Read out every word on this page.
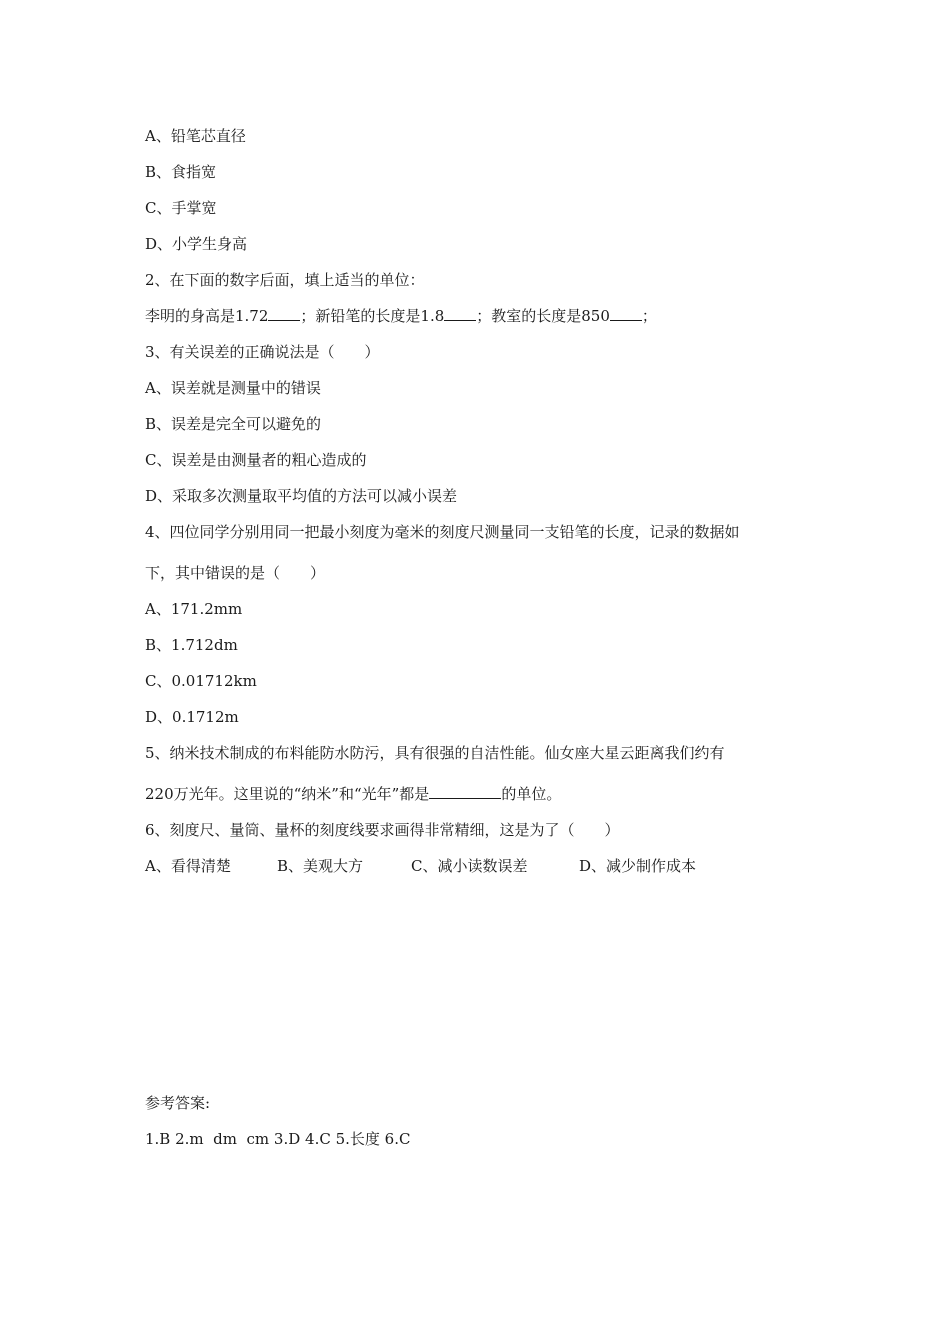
A、铅笔芯直径
B、食指宽
C、手掌宽
D、小学生身高
2、在下面的数字后面，填上适当的单位：
李明的身高是1.72 ；新铅笔的长度是1.8 ；教室的长度是850 ；
3、有关误差的正确说法是（　　）
A、误差就是测量中的错误
B、误差是完全可以避免的
C、误差是由测量者的粗心造成的
D、采取多次测量取平均值的方法可以减小误差
4、四位同学分别用同一把最小刻度为毫米的刻度尺测量同一支铅笔的长度，记录的数据如
下，其中错误的是（　　）
A、171.2mm
B、1.712dm
C、0.01712km
D、0.1712m
5、纳米技术制成的布料能防水防污，具有很强的自洁性能。仙女座大星云距离我们约有
220万光年。这里说的“纳米”和“光年”都是	的单位。
6、刻度尺、量筒、量杯的刻度线要求画得非常精细，这是为了（　　）
A、看得清楚	B、美观大方	C、减小读数误差	D、减少制作成本
参考答案:
1.B 2.m  dm  cm 3.D 4.C 5.长度 6.C
